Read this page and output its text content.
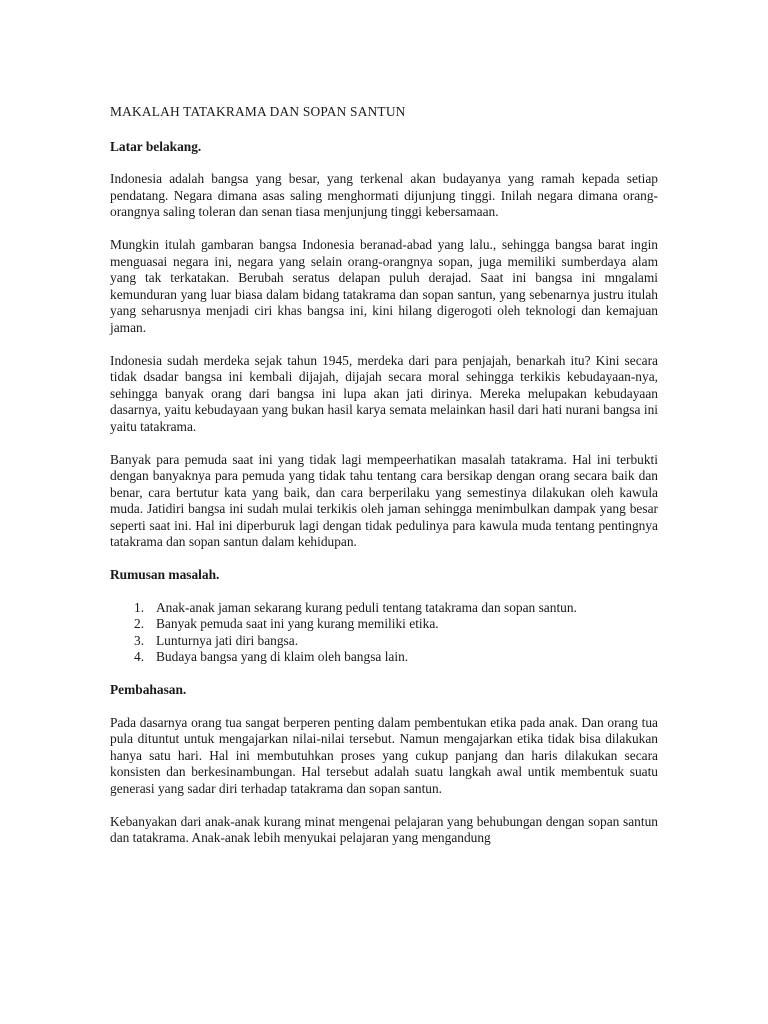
MAKALAH TATAKRAMA DAN SOPAN SANTUN
Latar belakang.

Indonesia adalah bangsa yang besar, yang terkenal akan budayanya yang ramah kepada setiap pendatang. Negara dimana asas saling menghormati dijunjung tinggi. Inilah negara dimana orang-orangnya saling toleran dan senan tiasa menjunjung tinggi kebersamaan.

Mungkin itulah gambaran bangsa Indonesia beranad-abad yang lalu., sehingga bangsa barat ingin menguasai negara ini, negara yang selain orang-orangnya sopan, juga memiliki sumberdaya alam yang tak terkatakan. Berubah seratus delapan puluh derajad. Saat ini bangsa ini mngalami kemunduran yang luar biasa dalam bidang tatakrama dan sopan santun, yang sebenarnya justru itulah yang seharusnya menjadi ciri khas bangsa ini, kini hilang digerogoti oleh teknologi dan kemajuan jaman.

Indonesia sudah merdeka sejak tahun 1945, merdeka dari para penjajah, benarkah itu? Kini secara tidak dsadar bangsa ini kembali dijajah, dijajah secara moral sehingga terkikis kebudayaan-nya, sehingga banyak orang dari bangsa ini lupa akan jati dirinya. Mereka melupakan kebudayaan dasarnya, yaitu kebudayaan yang bukan hasil karya semata melainkan hasil dari hati nurani bangsa ini yaitu tatakrama.

Banyak para pemuda saat ini yang tidak lagi mempeerhatikan masalah tatakrama. Hal ini terbukti dengan banyaknya para pemuda yang tidak tahu tentang cara bersikap dengan orang secara baik dan benar, cara bertutur kata yang baik, dan cara berperilaku yang semestinya dilakukan oleh kawula muda. Jatidiri bangsa ini sudah mulai terkikis oleh jaman sehingga menimbulkan dampak yang besar seperti saat ini. Hal ini diperburuk lagi dengan tidak pedulinya para kawula muda tentang pentingnya tatakrama dan sopan santun dalam kehidupan.

Rumusan masalah.
1. Anak-anak jaman sekarang kurang peduli tentang tatakrama dan sopan santun.
2. Banyak pemuda saat ini yang kurang memiliki etika.
3. Lunturnya jati diri bangsa.
4. Budaya bangsa yang di klaim oleh bangsa lain.
Pembahasan.

Pada dasarnya orang tua sangat berperen penting dalam pembentukan etika pada anak. Dan orang tua pula dituntut untuk mengajarkan nilai-nilai tersebut. Namun mengajarkan etika tidak bisa dilakukan hanya satu hari. Hal ini membutuhkan proses yang cukup panjang dan haris dilakukan secara konsisten dan berkesinambungan. Hal tersebut adalah suatu langkah awal untik membentuk suatu generasi yang sadar diri terhadap tatakrama dan sopan santun.

Kebanyakan dari anak-anak kurang minat mengenai pelajaran yang behubungan dengan sopan santun dan tatakrama. Anak-anak lebih menyukai pelajaran yang mengandung
